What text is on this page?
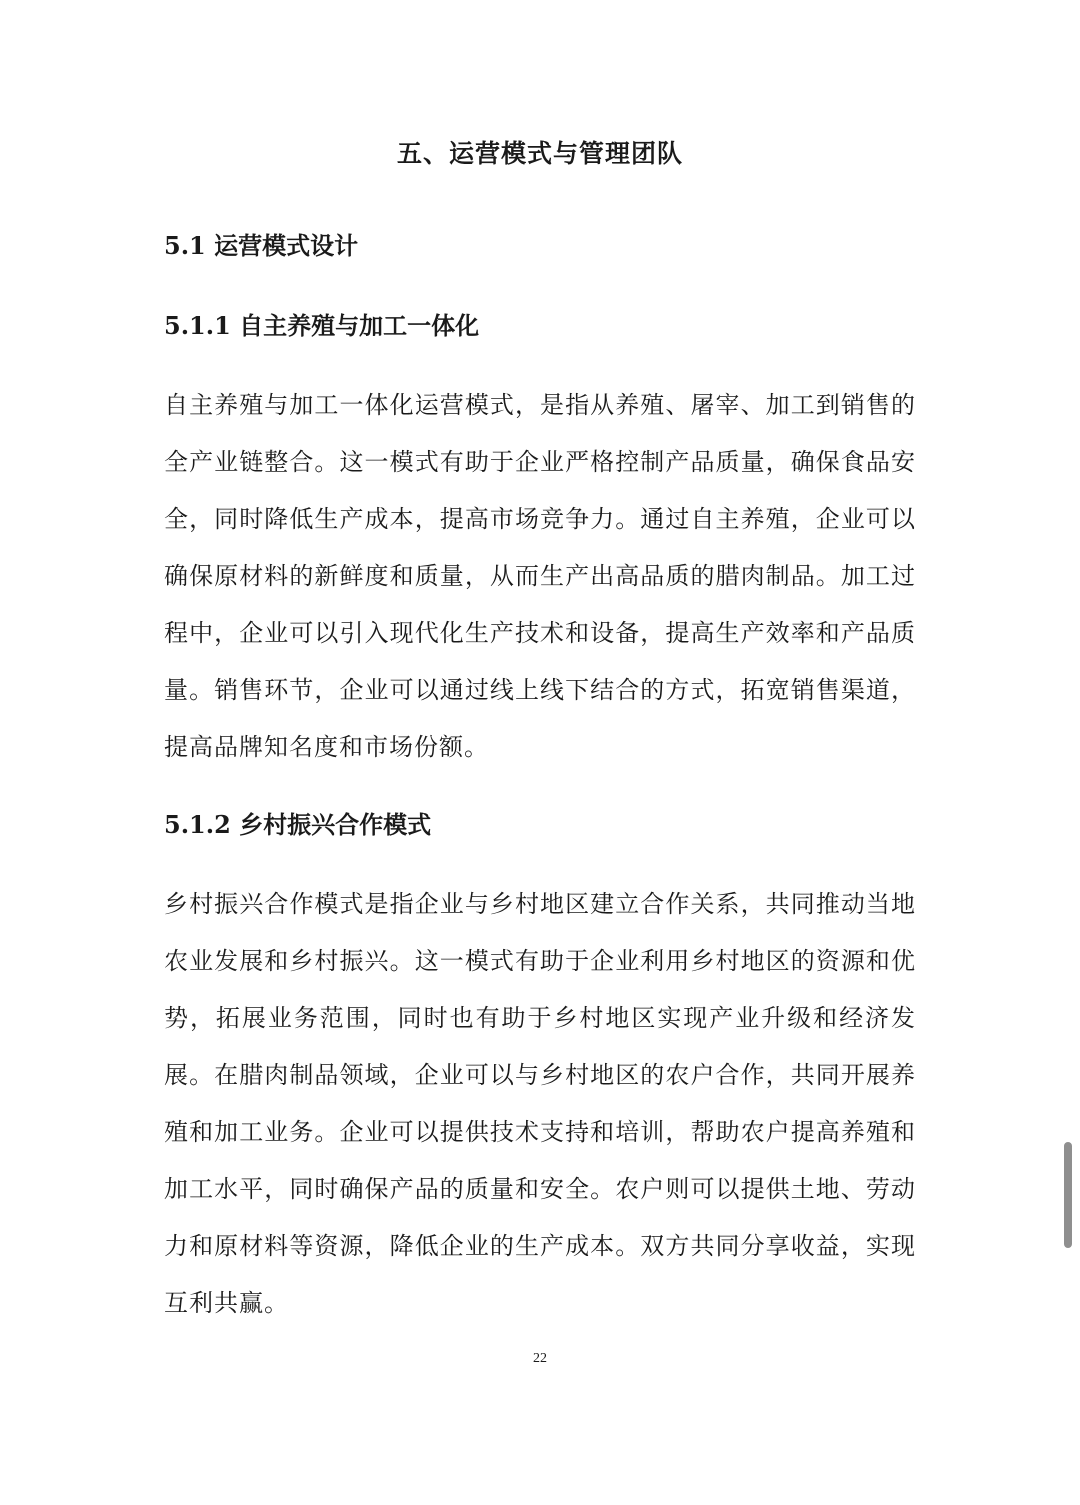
五、运营模式与管理团队
5.1 运营模式设计
5.1.1 自主养殖与加工一体化

自主养殖与加工一体化运营模式，是指从养殖、屠宰、加工到销售的全产业链整合。这一模式有助于企业严格控制产品质量，确保食品安全，同时降低生产成本，提高市场竞争力。通过自主养殖，企业可以确保原材料的新鲜度和质量，从而生产出高品质的腊肉制品。加工过程中，企业可以引入现代化生产技术和设备，提高生产效率和产品质量。销售环节，企业可以通过线上线下结合的方式，拓宽销售渠道，提高品牌知名度和市场份额。

5.1.2 乡村振兴合作模式

乡村振兴合作模式是指企业与乡村地区建立合作关系，共同推动当地农业发展和乡村振兴。这一模式有助于企业利用乡村地区的资源和优势，拓展业务范围，同时也有助于乡村地区实现产业升级和经济发展。在腊肉制品领域，企业可以与乡村地区的农户合作，共同开展养殖和加工业务。企业可以提供技术支持和培训，帮助农户提高养殖和加工水平，同时确保产品的质量和安全。农户则可以提供土地、劳动力和原材料等资源，降低企业的生产成本。双方共同分享收益，实现互利共赢。

22
